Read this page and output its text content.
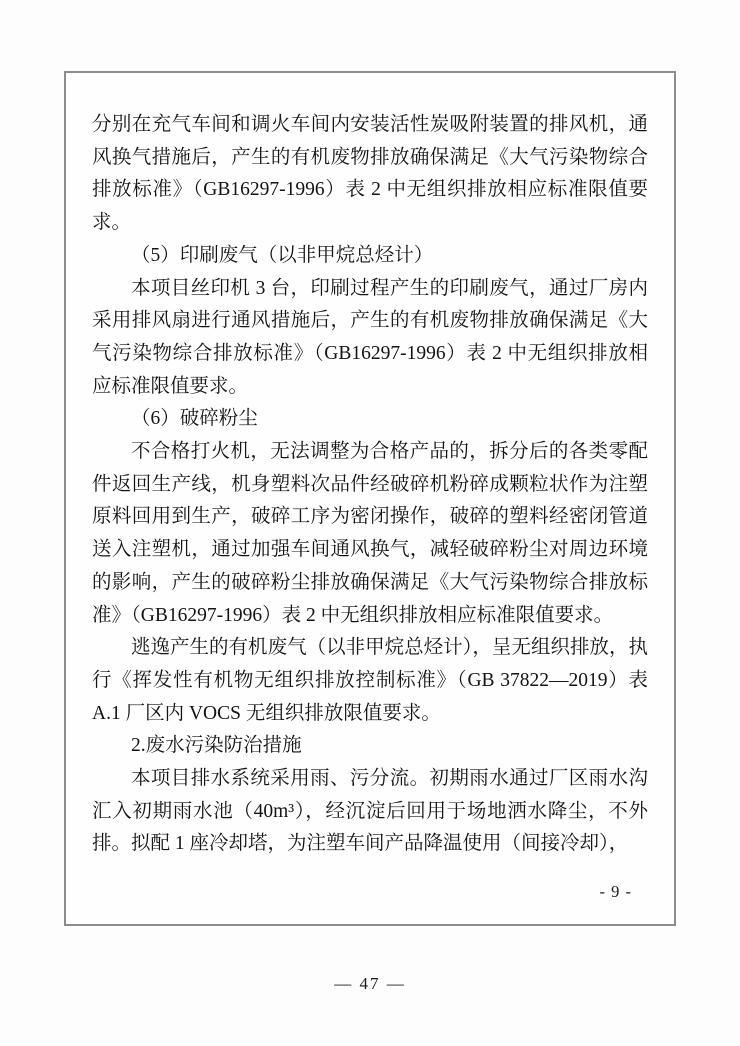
分别在充气车间和调火车间内安装活性炭吸附装置的排风机，通风换气措施后，产生的有机废物排放确保满足《大气污染物综合排放标准》（GB16297-1996）表 2 中无组织排放相应标准限值要求。

（5）印刷废气（以非甲烷总烃计）

本项目丝印机 3 台，印刷过程产生的印刷废气，通过厂房内采用排风扇进行通风措施后，产生的有机废物排放确保满足《大气污染物综合排放标准》（GB16297-1996）表 2 中无组织排放相应标准限值要求。

（6）破碎粉尘

不合格打火机，无法调整为合格产品的，拆分后的各类零配件返回生产线，机身塑料次品件经破碎机粉碎成颗粒状作为注塑原料回用到生产，破碎工序为密闭操作，破碎的塑料经密闭管道送入注塑机，通过加强车间通风换气，减轻破碎粉尘对周边环境的影响，产生的破碎粉尘排放确保满足《大气污染物综合排放标准》（GB16297-1996）表 2 中无组织排放相应标准限值要求。

逃逸产生的有机废气（以非甲烷总烃计），呈无组织排放，执行《挥发性有机物无组织排放控制标准》（GB 37822—2019）表 A.1 厂区内 VOCS 无组织排放限值要求。

2.废水污染防治措施

本项目排水系统采用雨、污分流。初期雨水通过厂区雨水沟汇入初期雨水池（40m³），经沉淀后回用于场地洒水降尘，不外排。拟配 1 座冷却塔，为注塑车间产品降温使用（间接冷却），

- 9 -
— 47 —
